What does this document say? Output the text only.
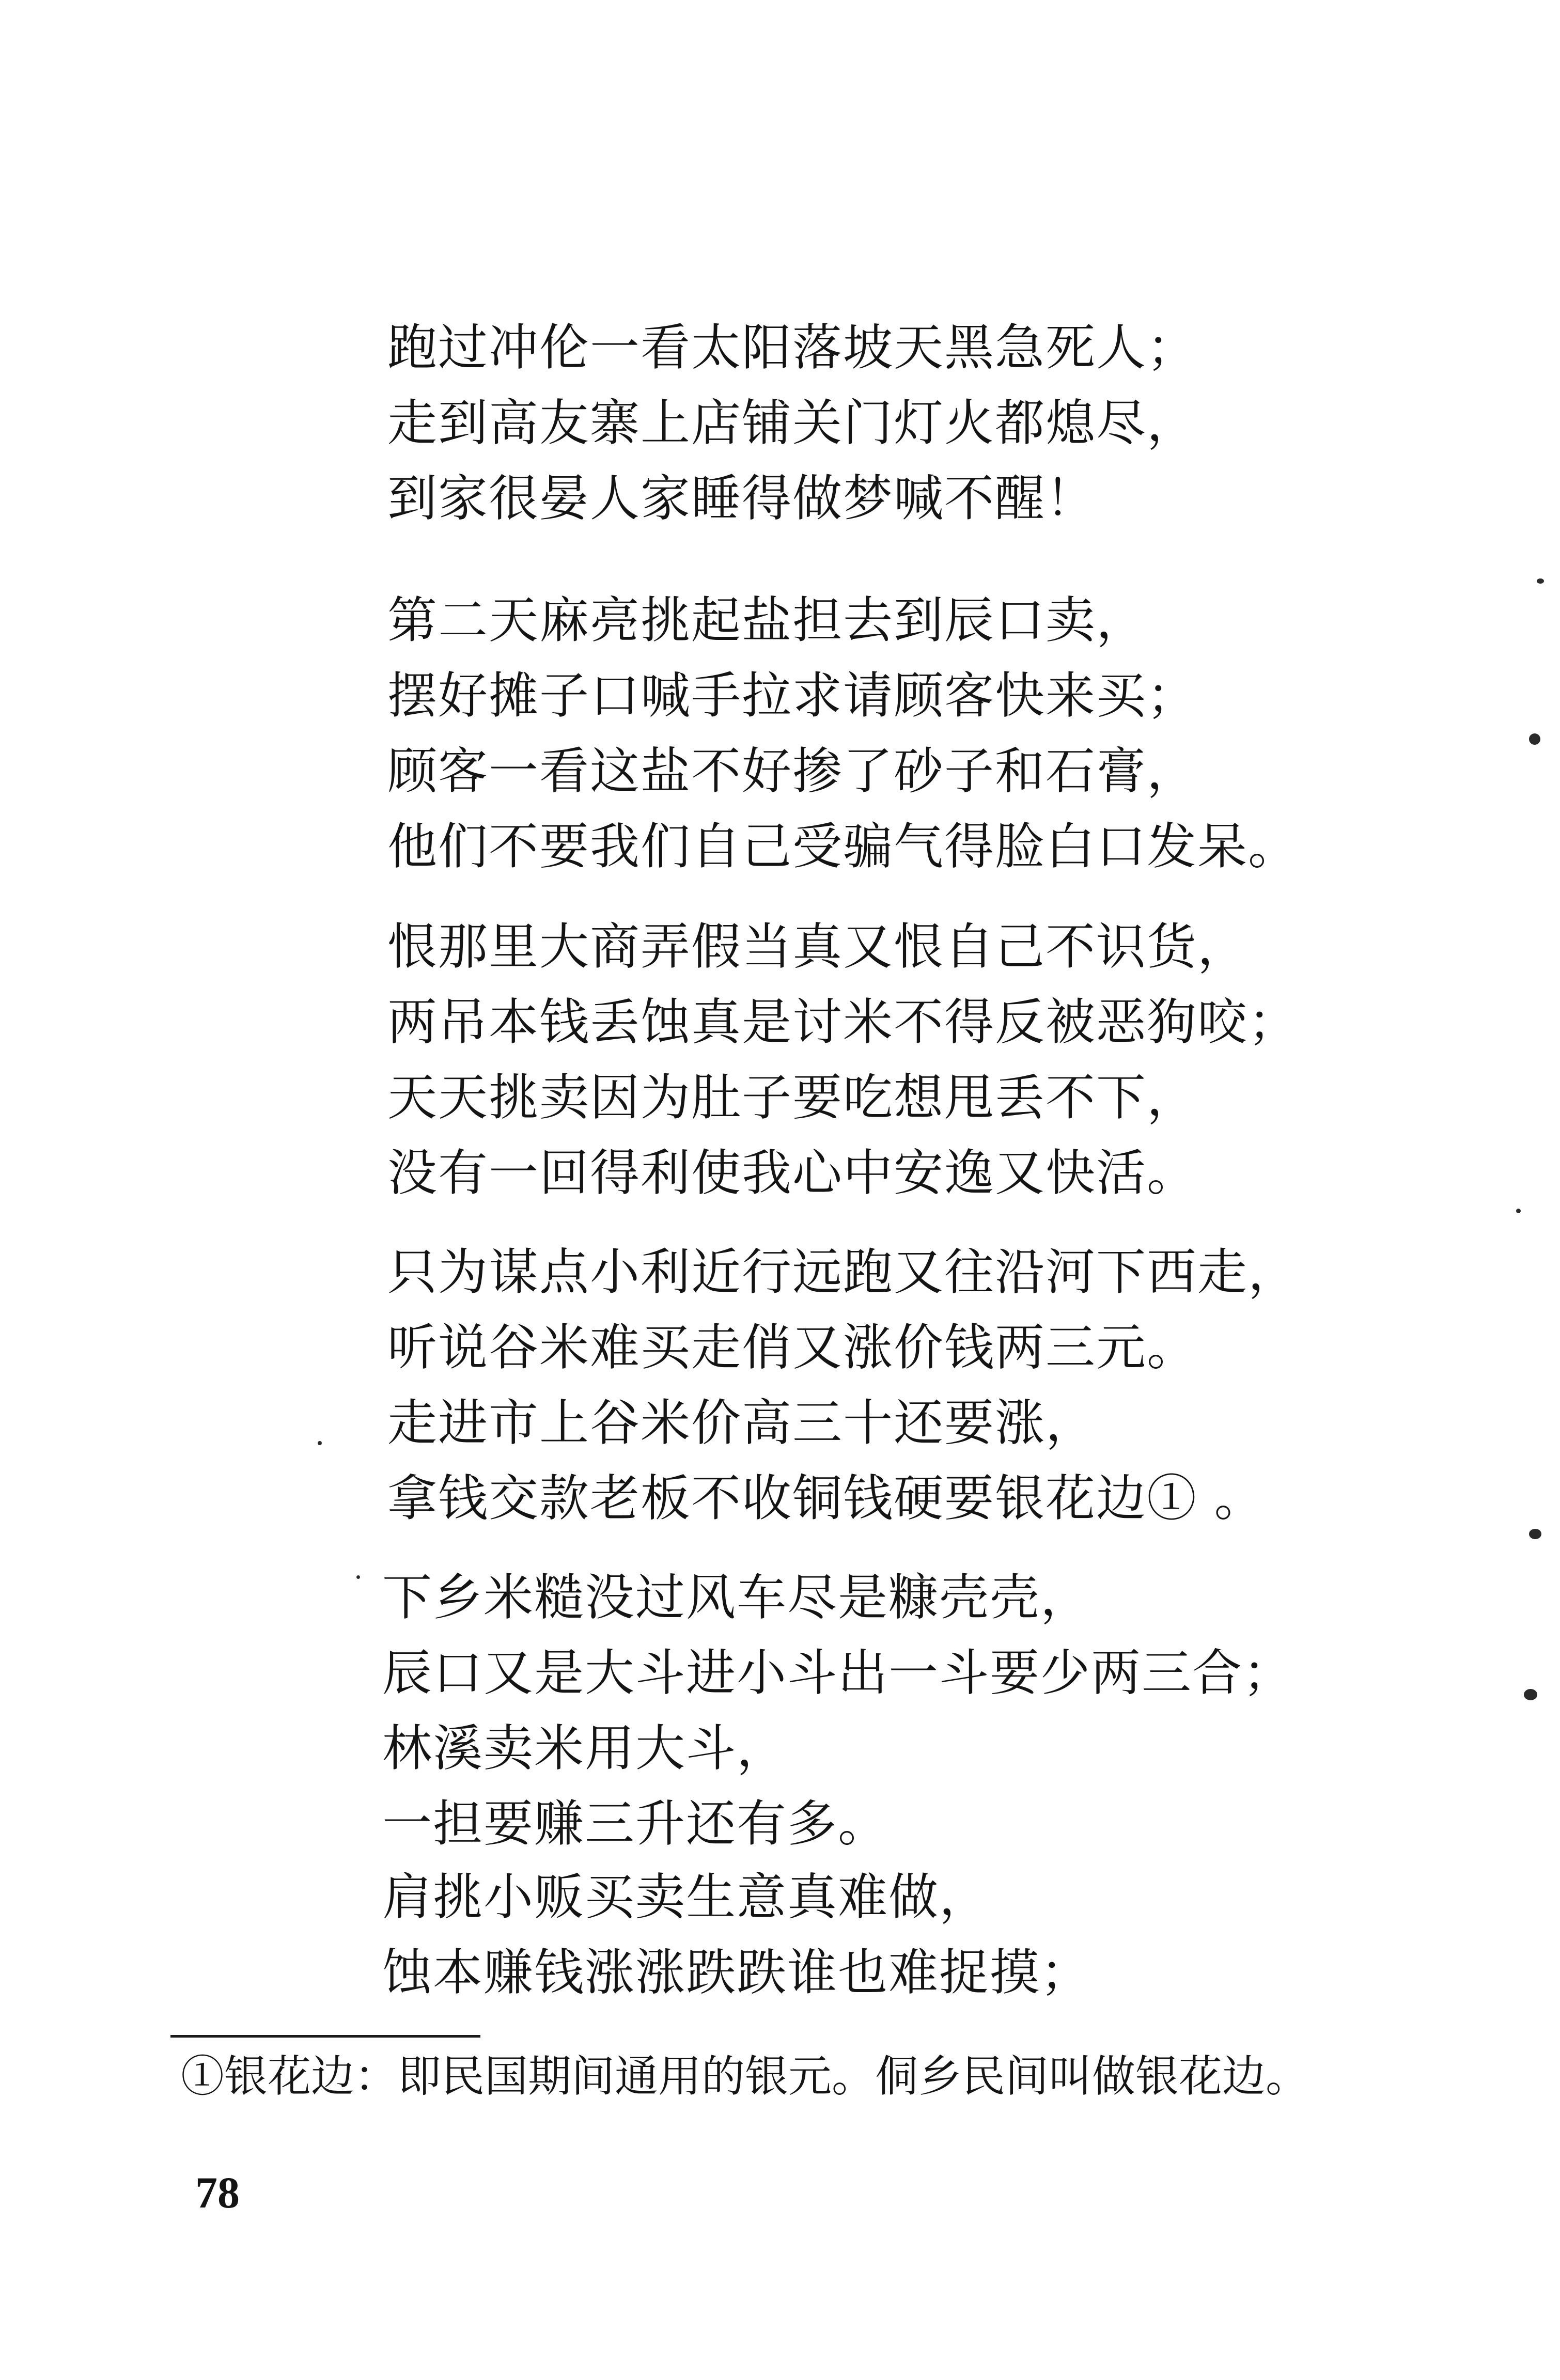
跑过冲伦一看太阳落坡天黑急死人；
走到高友寨上店铺关门灯火都熄尽，
到家很晏人家睡得做梦喊不醒！
第二天麻亮挑起盐担去到辰口卖，
摆好摊子口喊手拉求请顾客快来买；
顾客一看这盐不好掺了砂子和石膏，
他们不要我们自己受骗气得脸白口发呆。
恨那里大商弄假当真又恨自己不识货，
两吊本钱丢蚀真是讨米不得反被恶狗咬；
天天挑卖因为肚子要吃想甩丢不下，
没有一回得利使我心中安逸又快活。
只为谋点小利近行远跑又往沿河下西走，
听说谷米难买走俏又涨价钱两三元。
走进市上谷米价高三十还要涨，
拿钱交款老板不收铜钱硬要银花边① 。
下乡米糙没过风车尽是糠壳壳，
辰口又是大斗进小斗出一斗要少两三合；
林溪卖米用大斗，
一担要赚三升还有多。
肩挑小贩买卖生意真难做，
蚀本赚钱涨涨跌跌谁也难捉摸；
①银花边：即民国期间通用的银元。侗乡民间叫做银花边。
78
